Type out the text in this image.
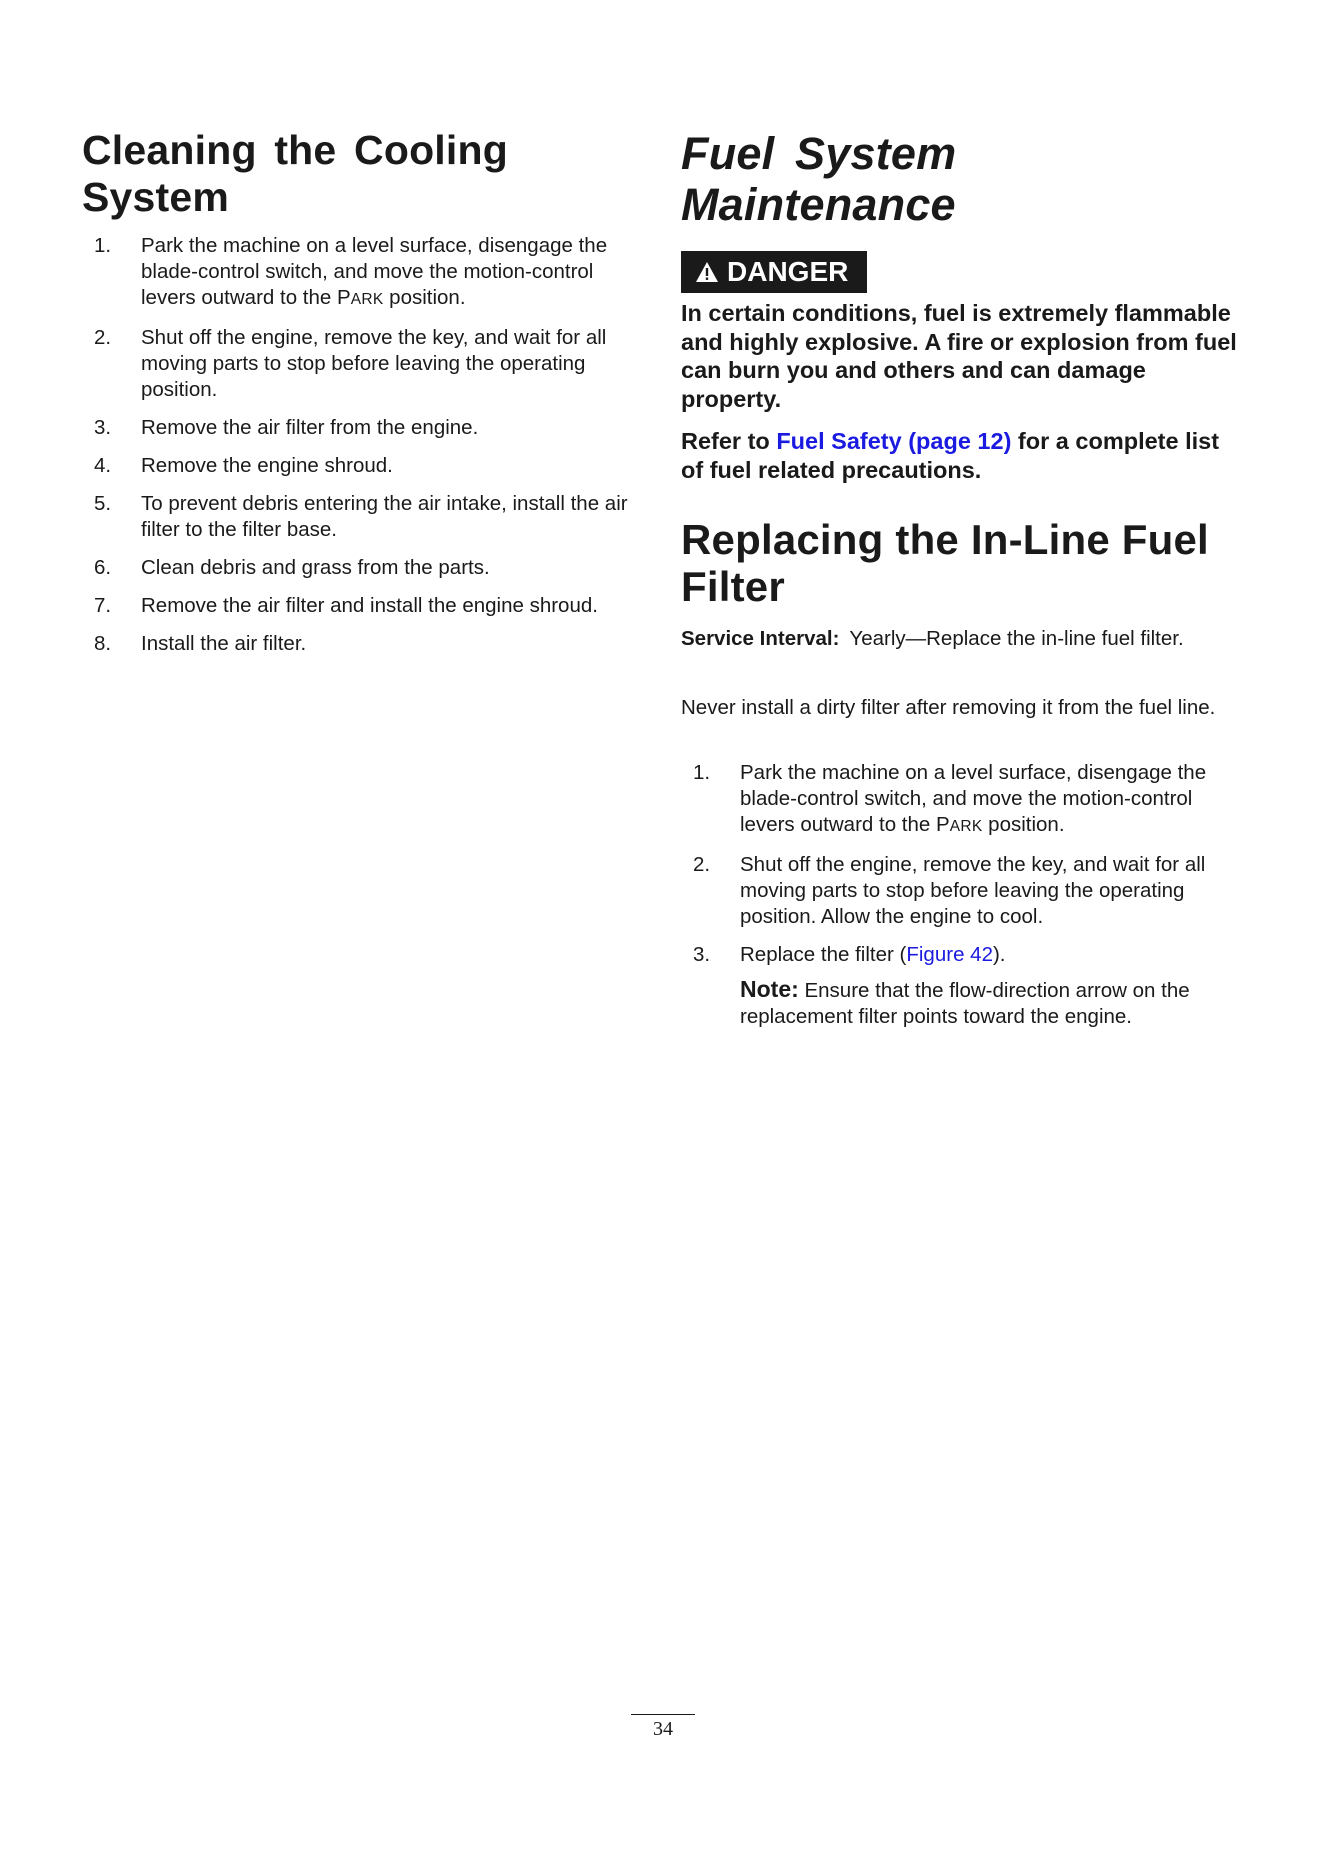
Cleaning the Cooling System
1. Park the machine on a level surface, disengage the blade-control switch, and move the motion-control levers outward to the PARK position.
2. Shut off the engine, remove the key, and wait for all moving parts to stop before leaving the operating position.
3. Remove the air filter from the engine.
4. Remove the engine shroud.
5. To prevent debris entering the air intake, install the air filter to the filter base.
6. Clean debris and grass from the parts.
7. Remove the air filter and install the engine shroud.
8. Install the air filter.
Fuel System Maintenance
DANGER

In certain conditions, fuel is extremely flammable and highly explosive. A fire or explosion from fuel can burn you and others and can damage property.

Refer to Fuel Safety (page 12) for a complete list of fuel related precautions.

Replacing the In-Line Fuel Filter
Service Interval: Yearly—Replace the in-line fuel filter.

Never install a dirty filter after removing it from the fuel line.

1. Park the machine on a level surface, disengage the blade-control switch, and move the motion-control levers outward to the PARK position.
2. Shut off the engine, remove the key, and wait for all moving parts to stop before leaving the operating position. Allow the engine to cool.
3. Replace the filter (Figure 42).
Note: Ensure that the flow-direction arrow on the replacement filter points toward the engine.
34
